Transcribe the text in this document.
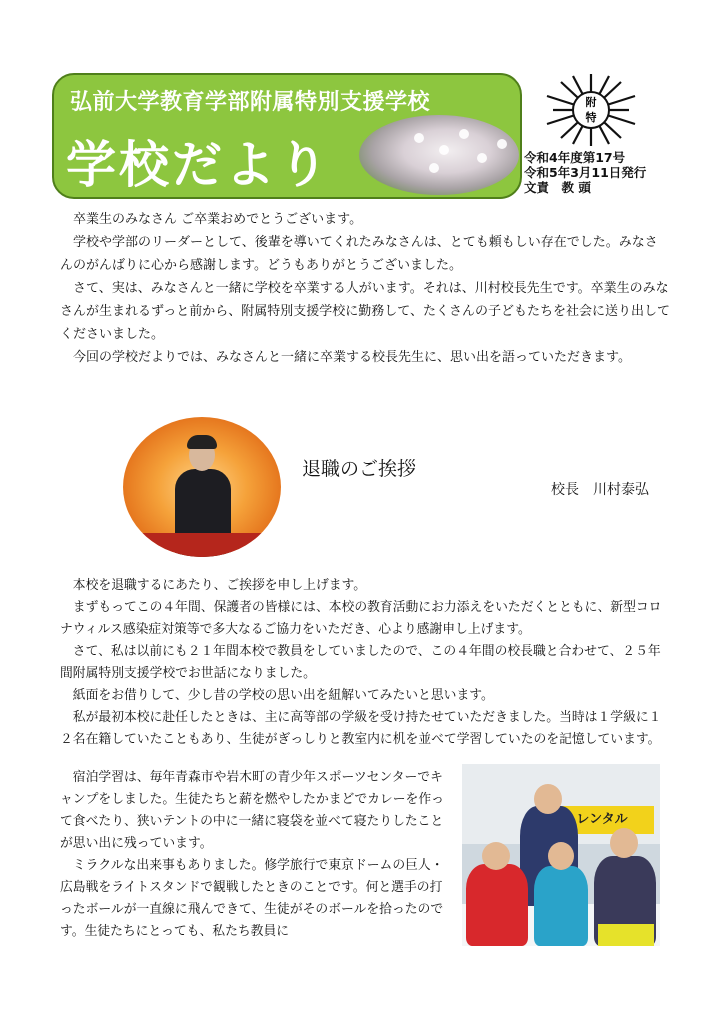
弘前大学教育学部附属特別支援学校
学校だより
附
特
令和4年度第17号
令和5年3月11日発行
文責　教 頭

卒業生のみなさん ご卒業おめでとうございます。

学校や学部のリーダーとして、後輩を導いてくれたみなさんは、とても頼もしい存在でした。みなさんのがんばりに心から感謝します。どうもありがとうございました。

さて、実は、みなさんと一緒に学校を卒業する人がいます。それは、川村校長先生です。卒業生のみなさんが生まれるずっと前から、附属特別支援学校に勤務して、たくさんの子どもたちを社会に送り出してくださいました。

今回の学校だよりでは、みなさんと一緒に卒業する校長先生に、思い出を語っていただきます。

退職のご挨拶
校長　川村泰弘

本校を退職するにあたり、ご挨拶を申し上げます。

まずもってこの４年間、保護者の皆様には、本校の教育活動にお力添えをいただくとともに、新型コロナウィルス感染症対策等で多大なるご協力をいただき、心より感謝申し上げます。

さて、私は以前にも２１年間本校で教員をしていましたので、この４年間の校長職と合わせて、２５年間附属特別支援学校でお世話になりました。

紙面をお借りして、少し昔の学校の思い出を紐解いてみたいと思います。

私が最初本校に赴任したときは、主に高等部の学級を受け持たせていただきました。当時は１学級に１２名在籍していたこともあり、生徒がぎっしりと教室内に机を並べて学習していたのを記憶しています。

宿泊学習は、毎年青森市や岩木町の青少年スポーツセンターでキャンプをしました。生徒たちと薪を燃やしたかまどでカレーを作って食べたり、狭いテントの中に一緒に寝袋を並べて寝たりしたことが思い出に残っています。

ミラクルな出来事もありました。修学旅行で東京ドームの巨人・広島戦をライトスタンドで観戦したときのことです。何と選手の打ったボールが一直線に飛んできて、生徒がそのボールを拾ったのです。生徒たちにとっても、私たち教員に

レンタル
